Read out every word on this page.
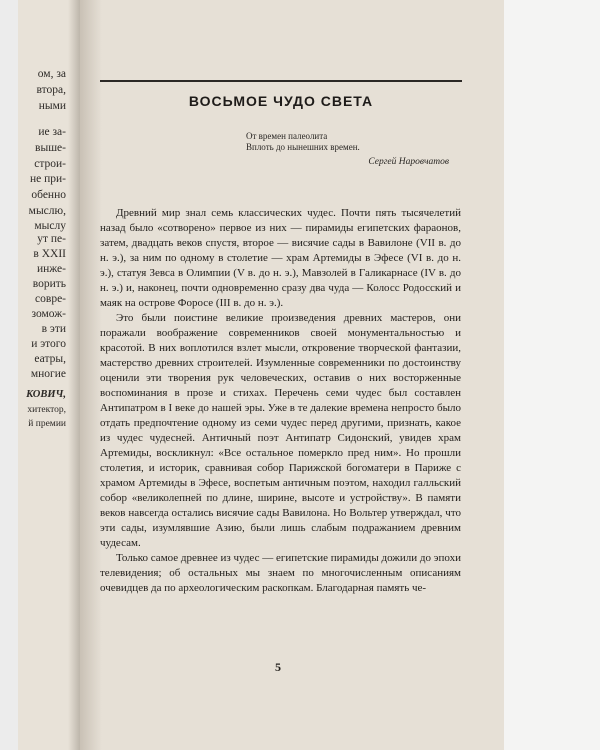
ом, за
втора,
ными
ие за-
выше-
строи-
не при-
обенно
мыслю,
мыслу
ут пе-
в XXII
инже-
ворить
совре-
зомож-
в эти
и этого
еатры,
многие
КОВИЧ,
хитектор,
й премии
ВОСЬМОЕ ЧУДО СВЕТА
От времен палеолита
Вплоть до нынешних времен.
Сергей Наровчатов

Древний мир знал семь классических чудес. Почти пять тысячелетий назад было «сотворено» первое из них — пирамиды египетских фараонов, затем, двадцать веков спустя, второе — висячие сады в Вавилоне (VII в. до н. э.), за ним по одному в столетие — храм Артемиды в Эфесе (VI в. до н. э.), статуя Зевса в Олимпии (V в. до н. э.), Мавзолей в Галикарнасе (IV в. до н. э.) и, наконец, почти одновременно сразу два чуда — Колосс Родосский и маяк на острове Форосе (III в. до н. э.).

Это были поистине великие произведения древних мастеров, они поражали воображение современников своей монументальностью и красотой. В них воплотился взлет мысли, откровение творческой фантазии, мастерство древних строителей. Изумленные современники по достоинству оценили эти творения рук человеческих, оставив о них восторженные воспоминания в прозе и стихах. Перечень семи чудес был составлен Антипатром в I веке до нашей эры. Уже в те далекие времена непросто было отдать предпочтение одному из семи чудес перед другими, признать, какое из чудес чудесней. Античный поэт Антипатр Сидонский, увидев храм Артемиды, воскликнул: «Все остальное померкло пред ним». Но прошли столетия, и историк, сравнивая собор Парижской богоматери в Париже с храмом Артемиды в Эфесе, воспетым античным поэтом, находил галльский собор «великолепней по длине, ширине, высоте и устройству». В памяти веков навсегда остались висячие сады Вавилона. Но Вольтер утверждал, что эти сады, изумлявшие Азию, были лишь слабым подражанием древним чудесам.

Только самое древнее из чудес — египетские пирамиды дожили до эпохи телевидения; об остальных мы знаем по многочисленным описаниям очевидцев да по археологическим раскопкам. Благодарная память че-

5
